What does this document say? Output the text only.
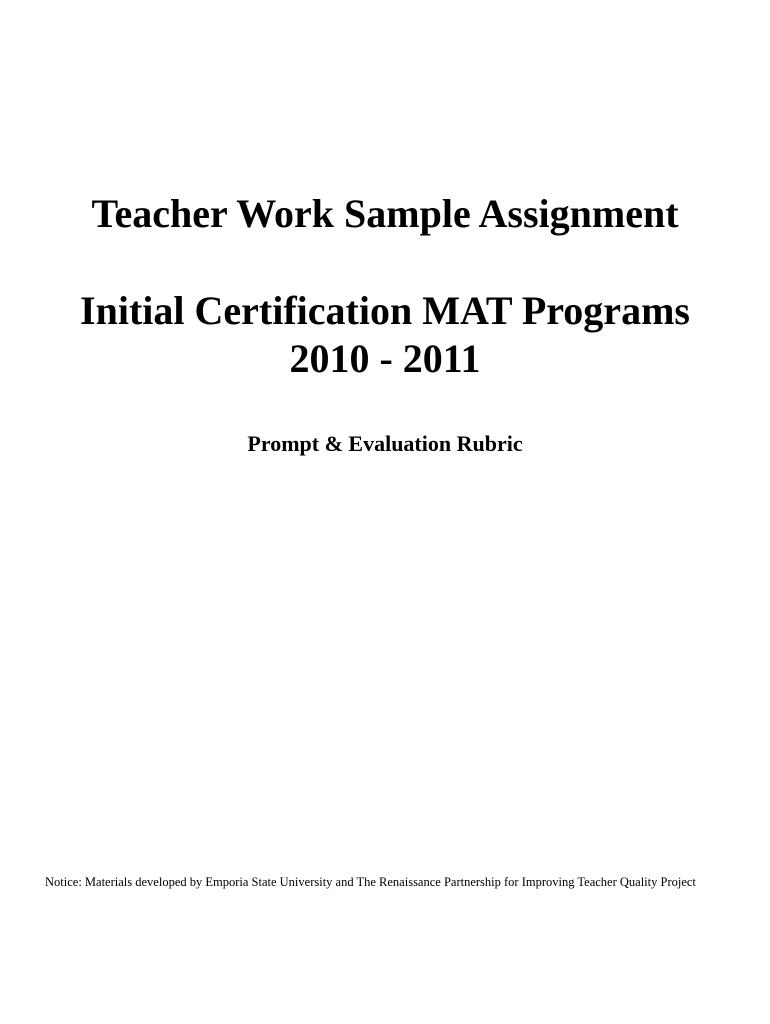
Teacher Work Sample Assignment
Initial Certification MAT Programs
2010 - 2011
Prompt & Evaluation Rubric

Notice: Materials developed by Emporia State University and The Renaissance Partnership for Improving Teacher Quality Project
